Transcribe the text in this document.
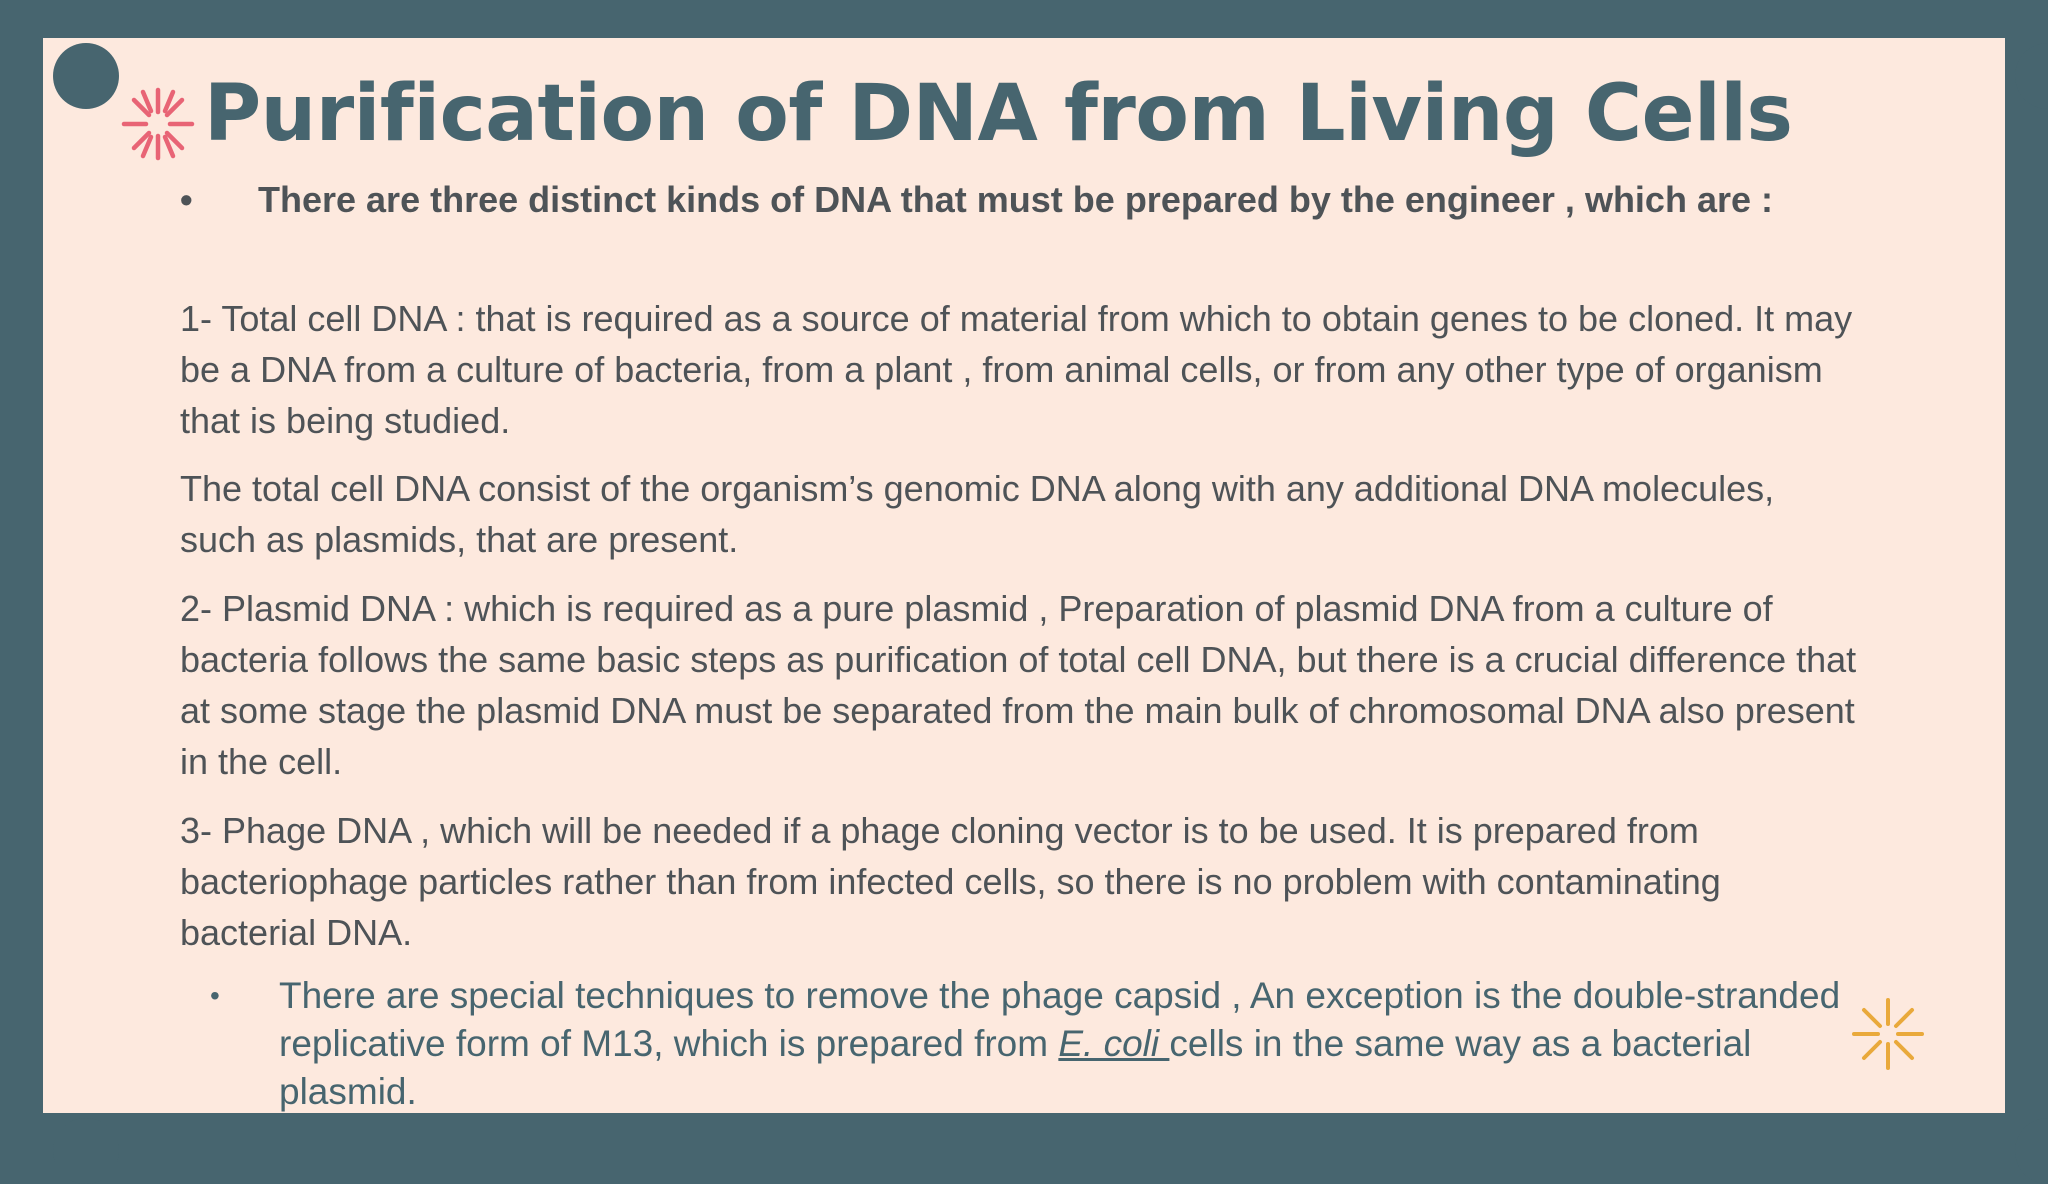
Purification of DNA from Living Cells
• There are three distinct kinds of DNA that must be prepared by the engineer , which are :

1- Total cell DNA : that is required as a source of material from which to obtain genes to be cloned. It may be a DNA from a culture of bacteria, from a plant , from animal cells, or from any other type of organism that is being studied.

The total cell DNA consist of the organism’s genomic DNA along with any additional DNA molecules, such as plasmids, that are present.

2- Plasmid DNA : which is required as a pure plasmid , Preparation of plasmid DNA from a culture of bacteria follows the same basic steps as purification of total cell DNA, but there is a crucial difference that at some stage the plasmid DNA must be separated from the main bulk of chromosomal DNA also present in the cell.

3- Phage DNA , which will be needed if a phage cloning vector is to be used. It is prepared from bacteriophage particles rather than from infected cells, so there is no problem with contaminating bacterial DNA.

• There are special techniques to remove the phage capsid , An exception is the double-stranded replicative form of M13, which is prepared from E. coli cells in the same way as a bacterial plasmid.
